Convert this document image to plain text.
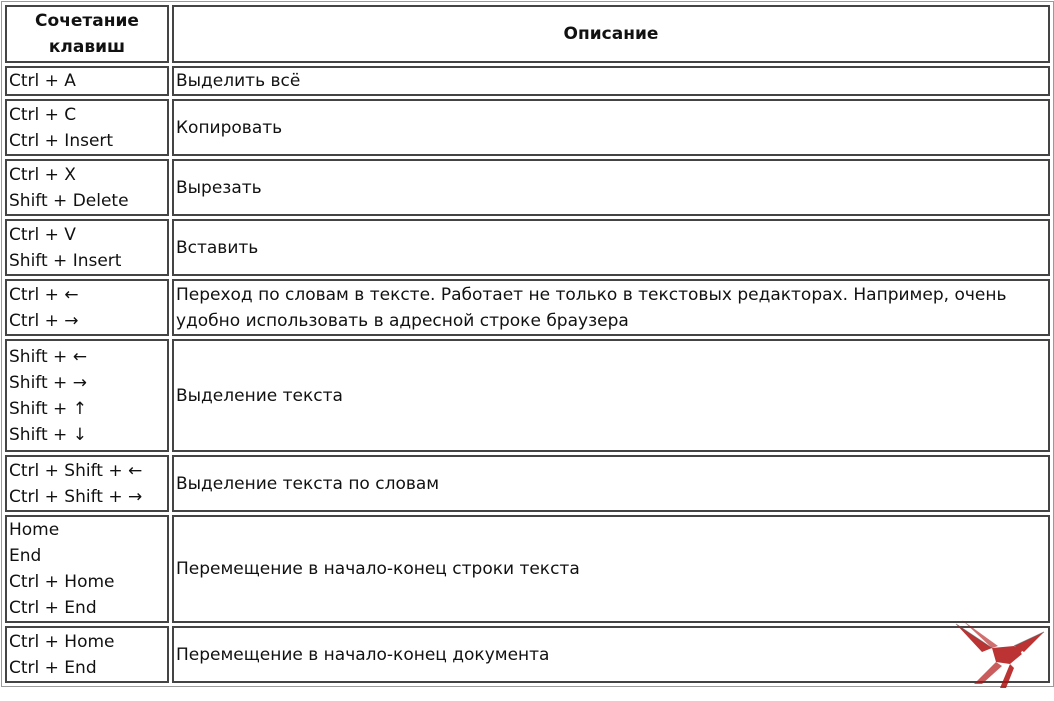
Сочетание клавиш	Описание

Ctrl + A	Выделить всё

Ctrl + C
Ctrl + Insert	Копировать

Ctrl + X
Shift + Delete	Вырезать

Ctrl + V
Shift + Insert	Вставить

Ctrl + ←
Ctrl + →	Переход по словам в тексте. Работает не только в текстовых редакторах. Например, очень удобно использовать в адресной строке браузера

Shift + ←
Shift + →
Shift + ↑
Shift + ↓	Выделение текста

Ctrl + Shift + ←
Ctrl + Shift + →	Выделение текста по словам

Home
End
Ctrl + Home
Ctrl + End	Перемещение в начало-конец строки текста

Ctrl + Home
Ctrl + End	Перемещение в начало-конец документа
